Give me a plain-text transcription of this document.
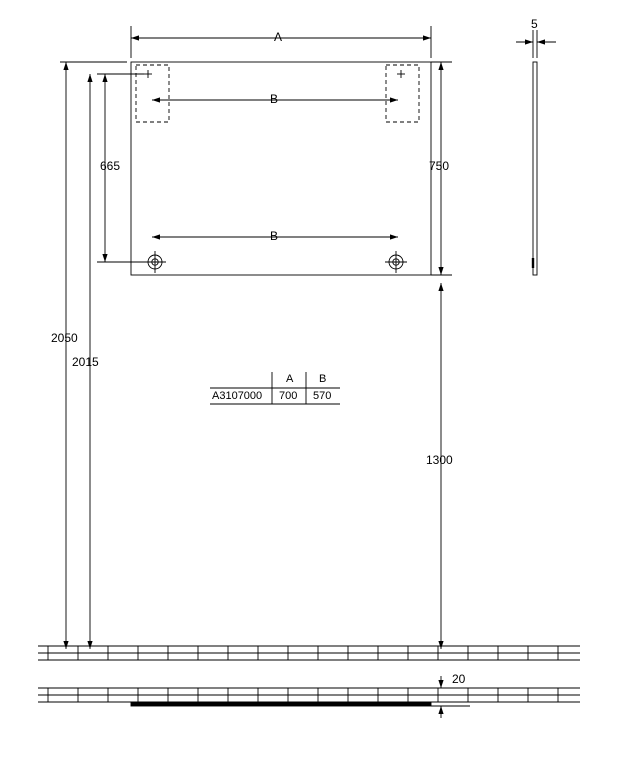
A
B
B
665	750
5
2050
2015
1300
20
A B
A3107000 700 570
